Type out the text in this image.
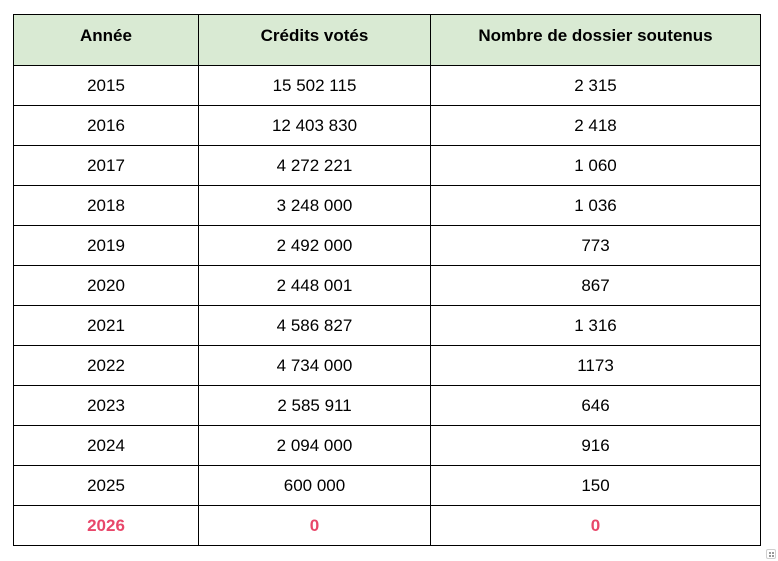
Année	Crédits votés	Nombre de dossier soutenus
2015	15 502 115	2 315
2016	12 403 830	2 418
2017	4 272 221	1 060
2018	3 248 000	1 036
2019	2 492 000	773
2020	2 448 001	867
2021	4 586 827	1 316
2022	4 734 000	1173
2023	2 585 911	646
2024	2 094 000	916
2025	600 000	150
2026	0	0
